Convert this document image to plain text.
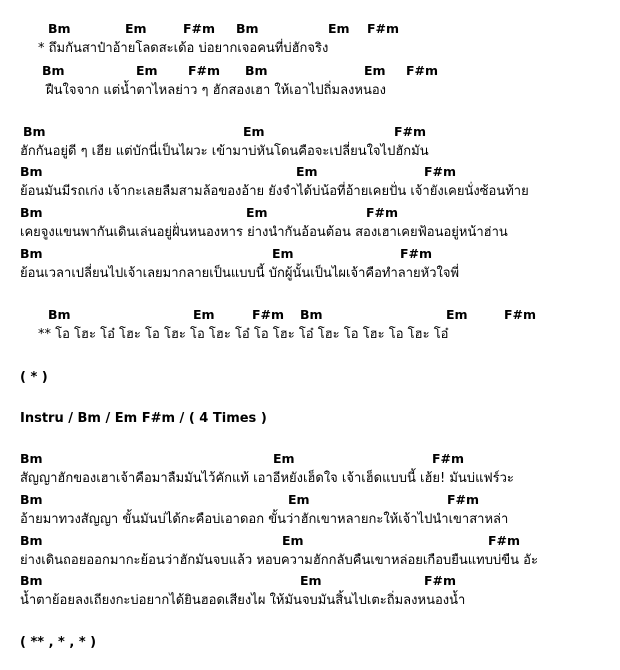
Bm	Em	F#m Bm	Em F#m
* ถึมกันสาป๋าอ้ายโลดสะเด้อ บ่อยากเจอคนที่บ่ฮักจริง
Bm	Em F#m Bm	Em F#m
ฝืนใจจาก แต่น้ำตาไหลย่าว ๆ ฮักสองเฮา ให้เอาไปถิ่มลงหนอง
Bm	Em	F#m
ฮักกันอยู่ดี ๆ เฮีย แต่บักนี่เป็นไผวะ เข้ามาบ่หันโดนคือจะเปลี่ยนใจไปฮักมัน
Bm	Em	F#m
ย้อนมันมีรถเก่ง เจ้ากะเลยลืมสามล้อของอ้าย ยังจำได้บ่น้อที่อ้ายเคยปั่น เจ้ายังเคยนั่งซ้อนท้าย
Bm	Em	F#m
เคยจูงแขนพากันเดินเล่นอยู่ฝั่นหนองหาร ย่างนำกันอ้อนต้อน สองเฮาเคยฟ้อนอยู่หน้าฮ่าน
Bm	Em	F#m
ย้อนเวลาเปลี่ยนไปเจ้าเลยมากลายเป็นแบบนี้ บักผู้นั้นเป็นไผเจ้าคือทำลายหัวใจพี่
Bm	Em	F#m Bm	Em	F#m
** โอ โฮะ โอ๋ โฮะ โอ โฮะ โอ โฮะ โอ๋ โอ โฮะ โอ๋ โฮะ โอ โฮะ โอ โฮะ โอ๋
( * )
Instru / Bm / Em F#m / ( 4 Times )
Bm	Em	F#m
สัญญาฮักของเฮาเจ้าคือมาลืมมันไว้คักแท้ เอาอีหยังเฮ็ดใจ เจ้าเฮ็ดแบบนี้ เฮ้ย! มันบ่แฟร์วะ
Bm	Em	F#m
อ้ายมาทวงสัญญา ขั้นมันบ่ได้กะคือบ่เอาดอก ขั้นว่าฮักเขาหลายกะให้เจ้าไปนำเขาสาหล่า
Bm	Em	F#m
ย่างเดินถอยออกมากะย้อนว่าฮักมันจบแล้ว หอบความฮักกลับคืนเขาหล่อยเกือบยืนแทบบ่ขืน อัะ
Bm	Em	F#m
น้ำตาย้อยลงเถียงกะบ่อยากได้ยินฮอดเสียงไผ ให้มันจบมันสิ้นไปเตะถิ่มลงหนองน้ำ
( ** , * , * )
